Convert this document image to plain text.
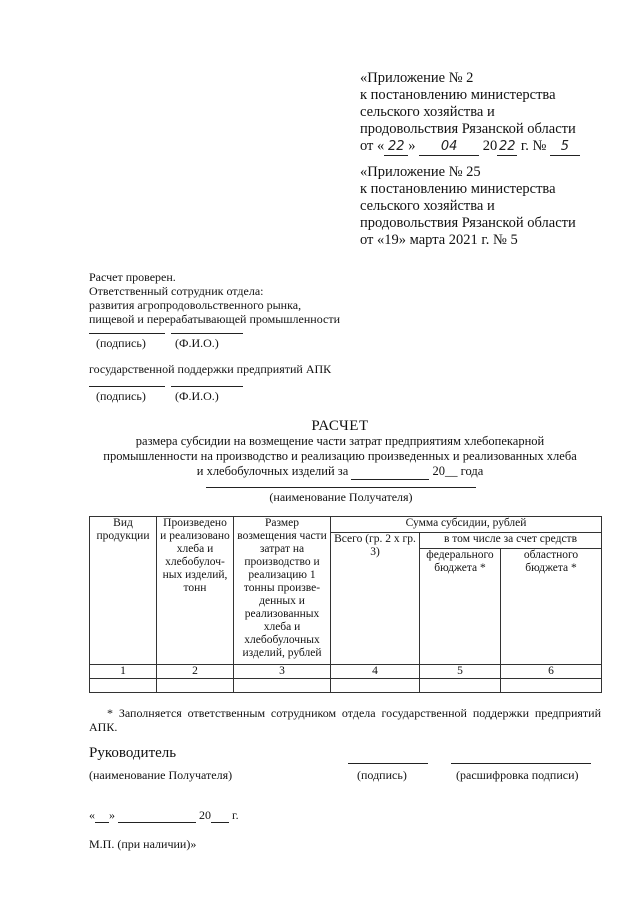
«Приложение № 2
к постановлению министерства
сельского хозяйства и
продовольствия Рязанской области
от « 22 » 04 20 22 г. № 5
«Приложение № 25
к постановлению министерства
сельского хозяйства и
продовольствия Рязанской области
от «19» марта 2021 г. № 5
Расчет проверен.
Ответственный сотрудник отдела:
развития агропродовольственного рынка,
пищевой и перерабатывающей промышленности
(подпись) (Ф.И.О.)
государственной поддержки предприятий АПК
(подпись) (Ф.И.О.)
РАСЧЕТ
размера субсидии на возмещение части затрат предприятиям хлебопекарной
промышленности на производство и реализацию произведенных и реализованных хлеба
и хлебобулочных изделий за	20__ года
(наименование Получателя)
Вид продукции	Произведено и реализовано хлеба и хлебобулоч-ных изделий, тонн	Размер возмещения части затрат на производство и реализацию 1 тонны произве-денных и реализованных хлеба и хлебобулочных изделий, рублей	Сумма субсидии, рублей		
			Всего (гр. 2 х гр. 3)	в том числе за счет средств	
				федерального бюджета *	областного бюджета *
1	2	3	4	5	6

* Заполняется ответственным сотрудником отдела государственной поддержки предприятий АПК.
Руководитель
(наименование Получателя)	(подпись)	(расшифровка подписи)
« »	20 г.
М.П. (при наличии)»
